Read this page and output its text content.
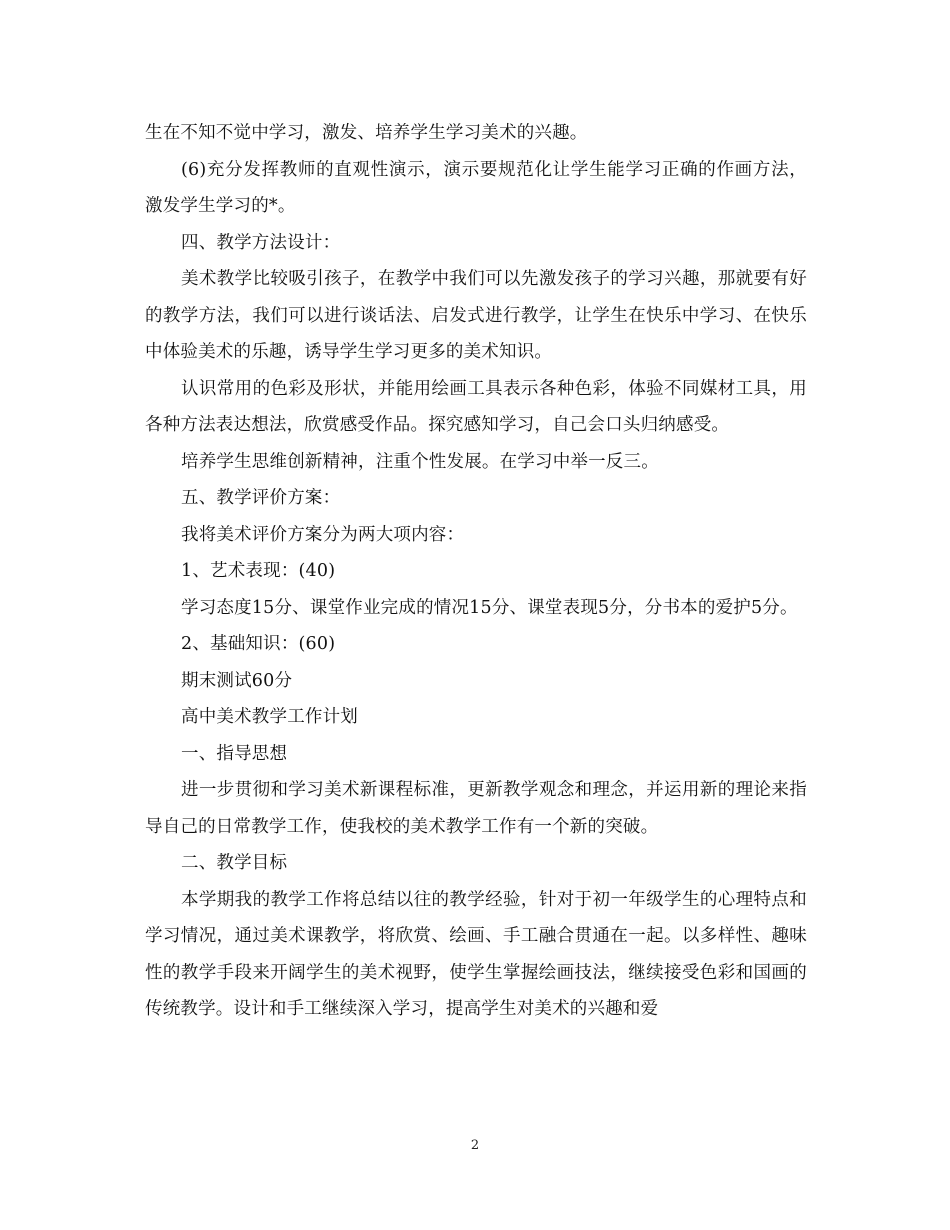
生在不知不觉中学习，激发、培养学生学习美术的兴趣。

(6)充分发挥教师的直观性演示，演示要规范化让学生能学习正确的作画方法，激发学生学习的*。

四、教学方法设计：

美术教学比较吸引孩子，在教学中我们可以先激发孩子的学习兴趣，那就要有好的教学方法，我们可以进行谈话法、启发式进行教学，让学生在快乐中学习、在快乐中体验美术的乐趣，诱导学生学习更多的美术知识。

认识常用的色彩及形状，并能用绘画工具表示各种色彩，体验不同媒材工具，用各种方法表达想法，欣赏感受作品。探究感知学习，自己会口头归纳感受。

培养学生思维创新精神，注重个性发展。在学习中举一反三。

五、教学评价方案：

我将美术评价方案分为两大项内容：

1、艺术表现：(40)

学习态度15分、课堂作业完成的情况15分、课堂表现5分，分书本的爱护5分。

2、基础知识：(60)

期末测试60分

高中美术教学工作计划

一、指导思想

进一步贯彻和学习美术新课程标准，更新教学观念和理念，并运用新的理论来指导自己的日常教学工作，使我校的美术教学工作有一个新的突破。

二、教学目标

本学期我的教学工作将总结以往的教学经验，针对于初一年级学生的心理特点和学习情况，通过美术课教学，将欣赏、绘画、手工融合贯通在一起。以多样性、趣味性的教学手段来开阔学生的美术视野，使学生掌握绘画技法，继续接受色彩和国画的传统教学。设计和手工继续深入学习，提高学生对美术的兴趣和爱

2
